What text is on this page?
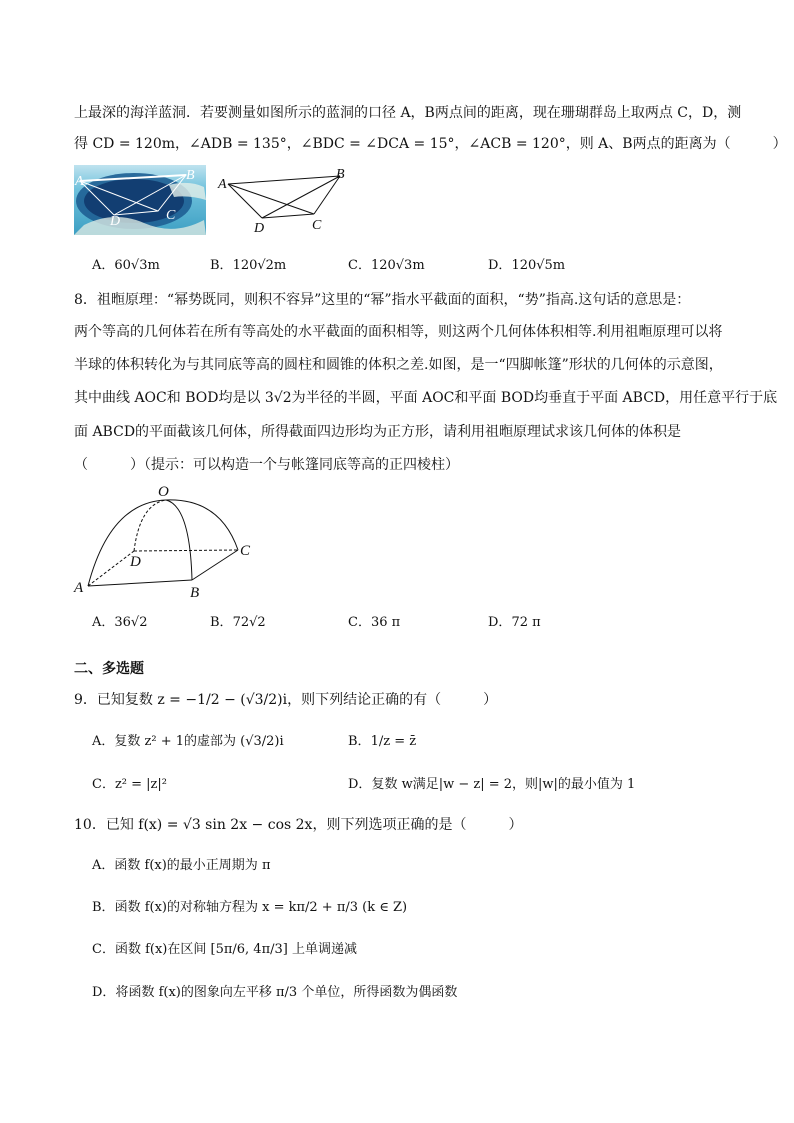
上最深的海洋蓝洞．若要测量如图所示的蓝洞的口径 A，B两点间的距离，现在珊瑚群岛上取两点 C，D，测
得 CD = 120m，∠ADB = 135°，∠BDC = ∠DCA = 15°，∠ACB = 120°，则 A、B两点的距离为（　　　）
A	B
D	C
A
B
D	C
A．60√3m	B．120√2m	C．120√3m	D．120√5m
8．祖暅原理：“幂势既同，则积不容异”这里的“幂”指水平截面的面积，“势”指高.这句话的意思是：
两个等高的几何体若在所有等高处的水平截面的面积相等，则这两个几何体体积相等.利用祖暅原理可以将
半球的体积转化为与其同底等高的圆柱和圆锥的体积之差.如图，是一“四脚帐篷”形状的几何体的示意图，
其中曲线 AOC和 BOD均是以 3√2为半径的半圆，平面 AOC和平面 BOD均垂直于平面 ABCD，用任意平行于底
面 ABCD的平面截该几何体，所得截面四边形均为正方形，请利用祖暅原理试求该几何体的体积是
（　　　）（提示：可以构造一个与帐篷同底等高的正四棱柱）
O
A	B
C
D
A．36√2	B．72√2	C．36 π	D．72 π
二、多选题
9．已知复数 z = −1/2 − (√3/2)i，则下列结论正确的有（　　　）
A．复数 z² + 1的虚部为 (√3/2)i	B．1/z = z̄
C．z² = |z|²	D．复数 w满足|w − z| = 2，则|w|的最小值为 1
10．已知 f(x) = √3 sin 2x − cos 2x，则下列选项正确的是（　　　）
A．函数 f(x)的最小正周期为 π
B．函数 f(x)的对称轴方程为 x = kπ/2 + π/3 (k ∈ Z)
C．函数 f(x)在区间 [5π/6, 4π/3] 上单调递减
D．将函数 f(x)的图象向左平移 π/3 个单位，所得函数为偶函数
